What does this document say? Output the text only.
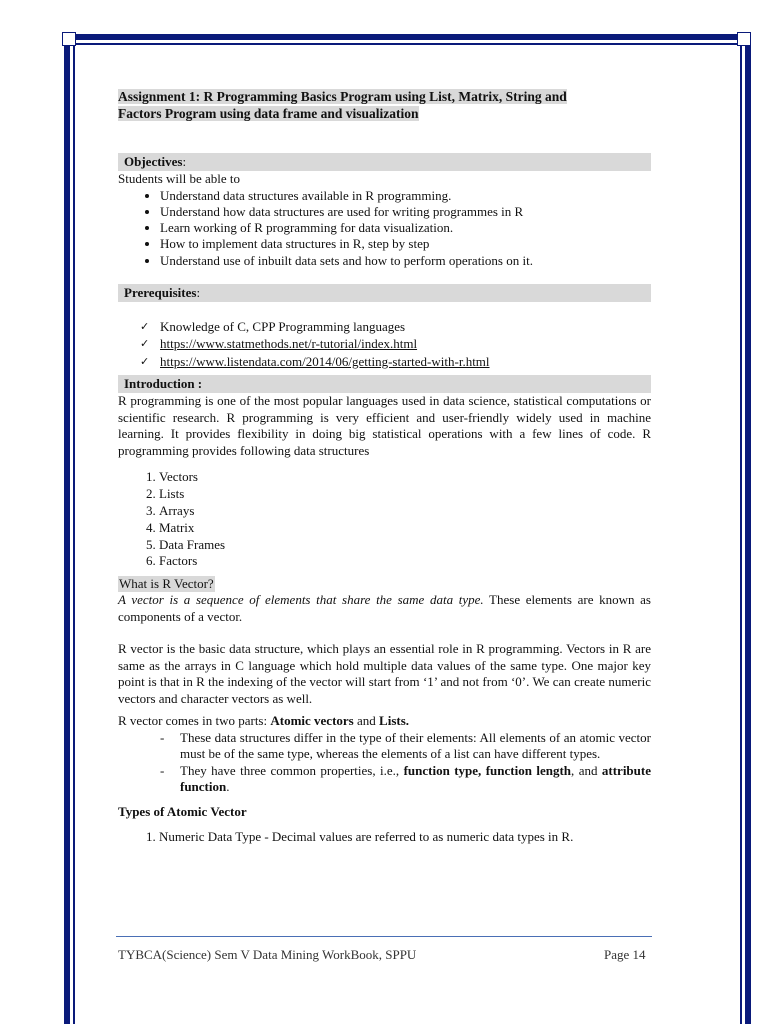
Assignment 1: R Programming Basics Program using List, Matrix, String and
Factors Program using data frame and visualization
Objectives:

Students will be able to

• Understand data structures available in R programming.
• Understand how data structures are used for writing programmes in R
• Learn working of R programming for data visualization.
• How to implement data structures in R, step by step
• Understand use of inbuilt data sets and how to perform operations on it.
Prerequisites:
✓ Knowledge of C, CPP Programming languages
✓ https://www.statmethods.net/r-tutorial/index.html
✓ https://www.listendata.com/2014/06/getting-started-with-r.html
Introduction :

R programming is one of the most popular languages used in data science, statistical computations or scientific research. R programming is very efficient and user-friendly widely used in machine learning. It provides flexibility in doing big statistical operations with a few lines of code. R programming provides following data structures

1. Vectors
2. Lists
3. Arrays
4. Matrix
5. Data Frames
6. Factors
What is R Vector?

A vector is a sequence of elements that share the same data type. These elements are known as components of a vector.

R vector is the basic data structure, which plays an essential role in R programming. Vectors in R are same as the arrays in C language which hold multiple data values of the same type. One major key point is that in R the indexing of the vector will start from ‘1’ and not from ‘0’. We can create numeric vectors and character vectors as well.

R vector comes in two parts: Atomic vectors and Lists.

- These data structures differ in the type of their elements: All elements of an atomic vector must be of the same type, whereas the elements of a list can have different types.
- They have three common properties, i.e., function type, function length, and attribute function.

Types of Atomic Vector

1. Numeric Data Type - Decimal values are referred to as numeric data types in R.
TYBCA(Science) Sem V Data Mining WorkBook, SPPU	Page 14
